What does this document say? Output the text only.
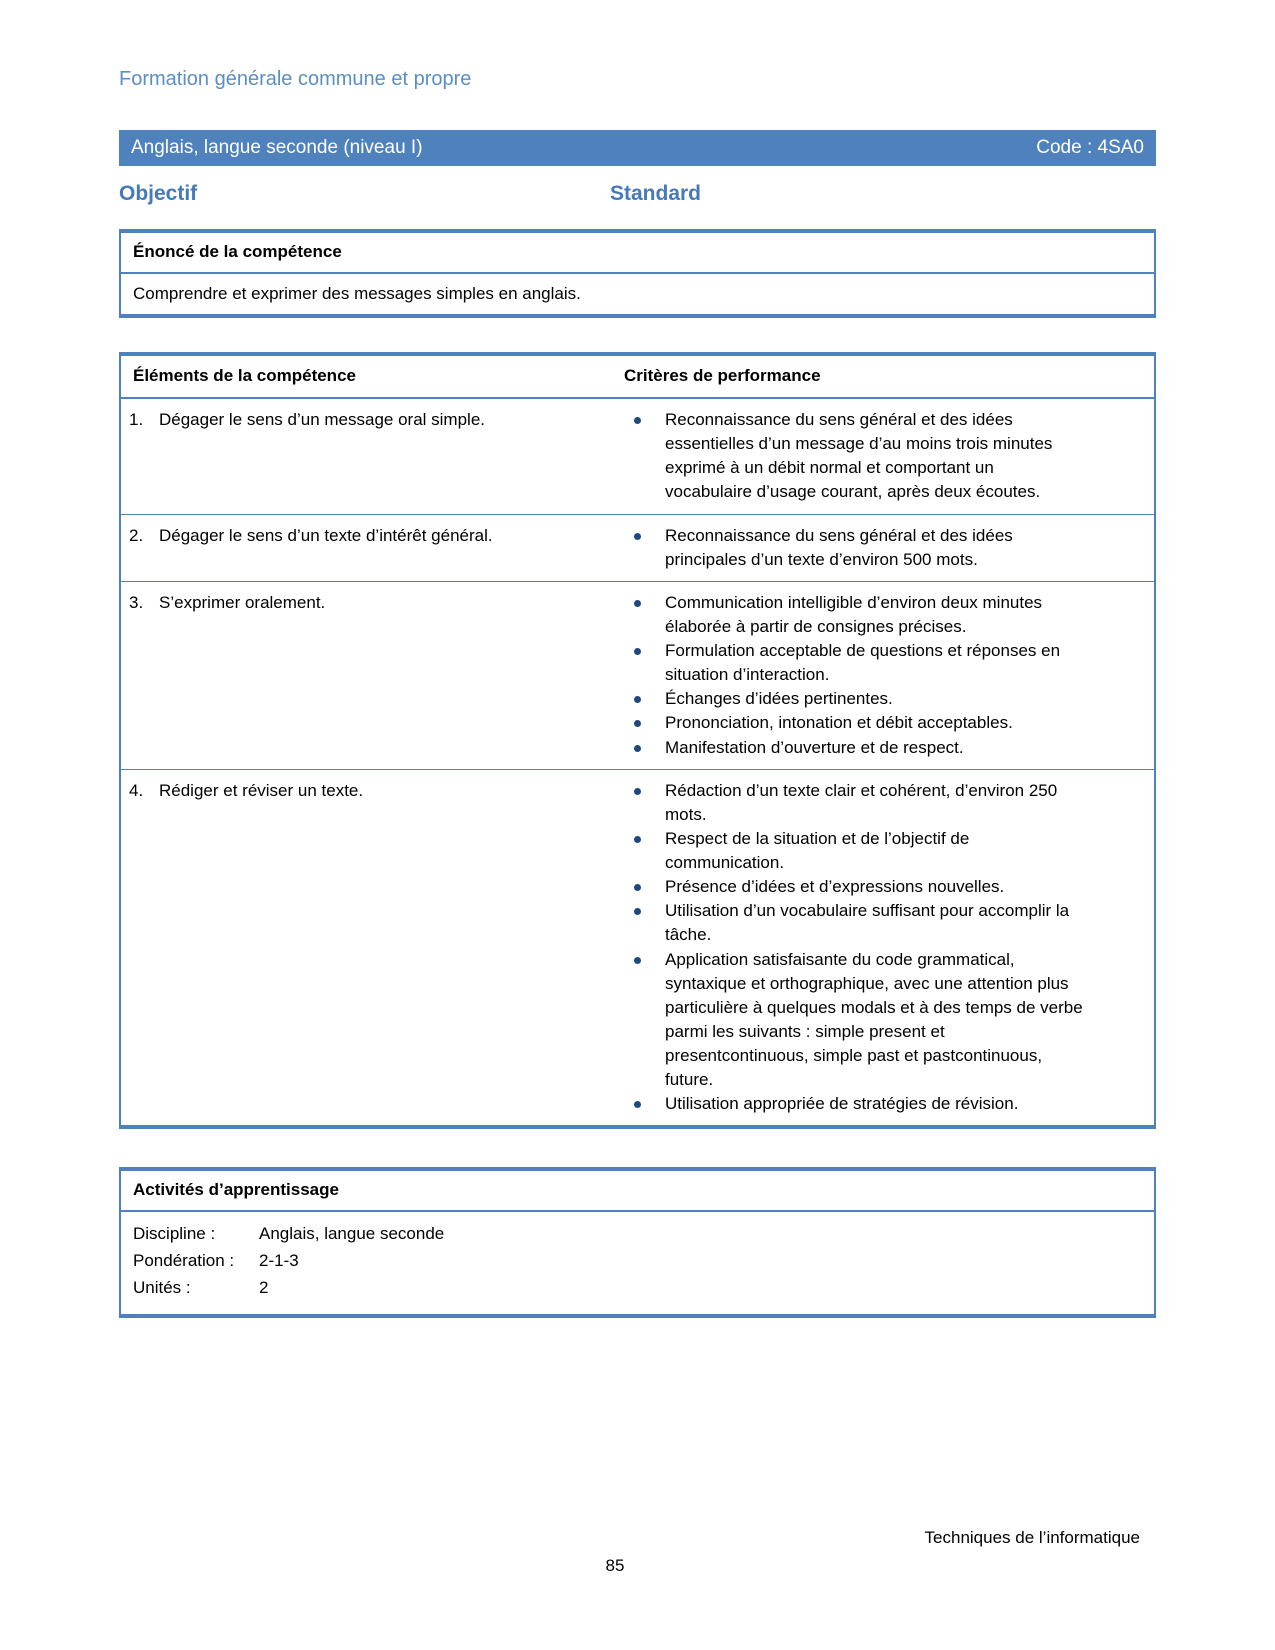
Formation générale commune et propre
Anglais, langue seconde (niveau I)	Code : 4SA0
Objectif	Standard
Énoncé de la compétence

Comprendre et exprimer des messages simples en anglais.

Éléments de la compétence	Critères de performance
1. Dégager le sens d’un message oral simple.	Reconnaissance du sens général et des idées essentielles d’un message d’au moins trois minutes exprimé à un débit normal et comportant un vocabulaire d’usage courant, après deux écoutes.
2. Dégager le sens d’un texte d’intérêt général.	Reconnaissance du sens général et des idées principales d’un texte d’environ 500 mots.
3. S’exprimer oralement.	Communication intelligible d’environ deux minutes élaborée à partir de consignes précises.
Formulation acceptable de questions et réponses en situation d’interaction.
Échanges d’idées pertinentes.
Prononciation, intonation et débit acceptables.
Manifestation d’ouverture et de respect.
4. Rédiger et réviser un texte.	Rédaction d’un texte clair et cohérent, d’environ 250 mots.
Respect de la situation et de l’objectif de communication.
Présence d’idées et d’expressions nouvelles.
Utilisation d’un vocabulaire suffisant pour accomplir la tâche.
Application satisfaisante du code grammatical, syntaxique et orthographique, avec une attention plus particulière à quelques modals et à des temps de verbe parmi les suivants : simple present et presentcontinuous, simple past et pastcontinuous, future.
Utilisation appropriée de stratégies de révision.
Activités d’apprentissage
Discipline :	Anglais, langue seconde
Pondération :	2-1-3
Unités :	2
Techniques de l’informatique
85
